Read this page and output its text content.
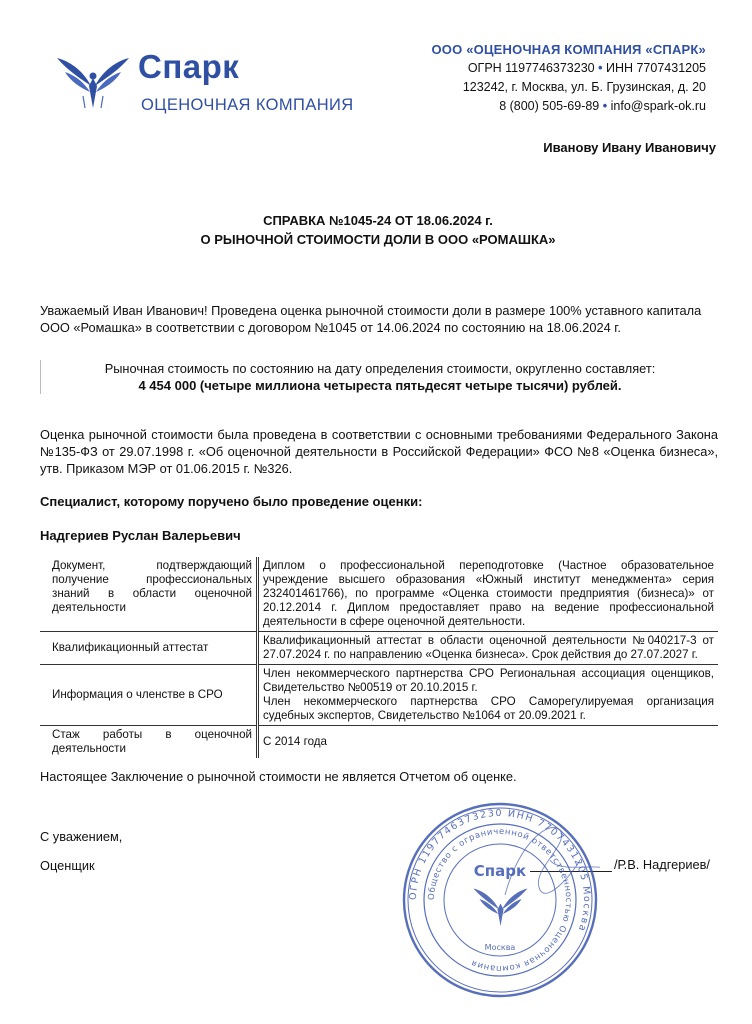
Спарк
ОЦЕНОЧНАЯ КОМПАНИЯ
ООО «ОЦЕНОЧНАЯ КОМПАНИЯ «СПАРК»
ОГРН 1197746373230 • ИНН 7707431205
123242, г. Москва, ул. Б. Грузинская, д. 20
8 (800) 505-69-89 • info@spark-ok.ru
Иванову Ивану Ивановичу
СПРАВКА №1045-24 ОТ 18.06.2024 г.
О РЫНОЧНОЙ СТОИМОСТИ ДОЛИ В ООО «РОМАШКА»
Уважаемый Иван Иванович! Проведена оценка рыночной стоимости доли в размере 100% уставного капитала ООО «Ромашка» в соответствии с договором №1045 от 14.06.2024 по состоянию на 18.06.2024 г.
Рыночная стоимость по состоянию на дату определения стоимости, округленно составляет:
4 454 000 (четыре миллиона четыреста пятьдесят четыре тысячи) рублей.
Оценка рыночной стоимости была проведена в соответствии с основными требованиями Федерального Закона №135-ФЗ от 29.07.1998 г. «Об оценочной деятельности в Российской Федерации» ФСО №8 «Оценка бизнеса», утв. Приказом МЭР от 01.06.2015 г. №326.
Специалист, которому поручено было проведение оценки:
Надгериев Руслан Валерьевич
Документ, подтверждающий получение профессиональных знаний в области оценочной деятельности	Диплом о профессиональной переподготовке (Частное образовательное учреждение высшего образования «Южный институт менеджмента» серия 232401461766), по программе «Оценка стоимости предприятия (бизнеса)» от 20.12.2014 г. Диплом предоставляет право на ведение профессиональной деятельности в сфере оценочной деятельности.
Квалификационный аттестат	Квалификационный аттестат в области оценочной деятельности №040217-3 от 27.07.2024 г. по направлению «Оценка бизнеса». Срок действия до 27.07.2027 г.
Информация о членстве в СРО	Член некоммерческого партнерства СРО Региональная ассоциация оценщиков, Свидетельство №00519 от 20.10.2015 г.
Член некоммерческого партнерства СРО Саморегулируемая организация судебных экспертов, Свидетельство №1064 от 20.09.2021 г.

Стаж работы в оценочной деятельности	С 2014 года
Настоящее Заключение о рыночной стоимости не является Отчетом об оценке.
С уважением,
Оценщик	/Р.В. Надгериев/
ОГРН 1197746373230 ИНН 7707431205 Москва
Общество с ограниченной ответственностью Оценочная компания
Спарк
Москва
